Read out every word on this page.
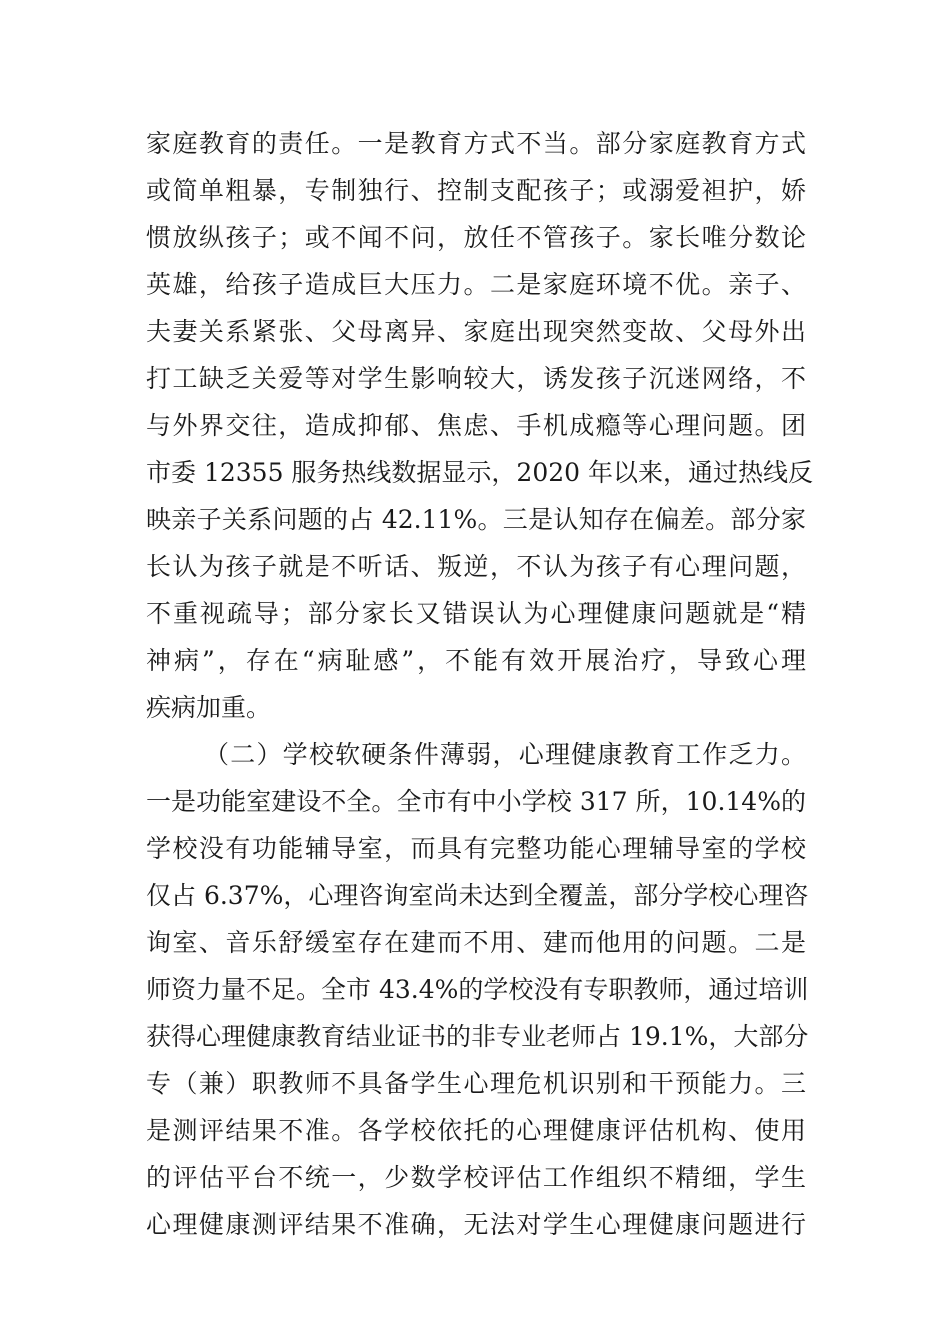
家庭教育的责任。一是教育方式不当。部分家庭教育方式
或简单粗暴，专制独行、控制支配孩子；或溺爱袒护，娇
惯放纵孩子；或不闻不问，放任不管孩子。家长唯分数论
英雄，给孩子造成巨大压力。二是家庭环境不优。亲子、
夫妻关系紧张、父母离异、家庭出现突然变故、父母外出
打工缺乏关爱等对学生影响较大，诱发孩子沉迷网络，不
与外界交往，造成抑郁、焦虑、手机成瘾等心理问题。团
市委 12355 服务热线数据显示，2020 年以来，通过热线反
映亲子关系问题的占 42.11%。三是认知存在偏差。部分家
长认为孩子就是不听话、叛逆，不认为孩子有心理问题，
不重视疏导；部分家长又错误认为心理健康问题就是“精
神病”，存在“病耻感”，不能有效开展治疗，导致心理
疾病加重。
（二）学校软硬条件薄弱，心理健康教育工作乏力。
一是功能室建设不全。全市有中小学校 317 所，10.14%的
学校没有功能辅导室，而具有完整功能心理辅导室的学校
仅占 6.37%，心理咨询室尚未达到全覆盖，部分学校心理咨
询室、音乐舒缓室存在建而不用、建而他用的问题。二是
师资力量不足。全市 43.4%的学校没有专职教师，通过培训
获得心理健康教育结业证书的非专业老师占 19.1%，大部分
专（兼）职教师不具备学生心理危机识别和干预能力。三
是测评结果不准。各学校依托的心理健康评估机构、使用
的评估平台不统一，少数学校评估工作组织不精细，学生
心理健康测评结果不准确，无法对学生心理健康问题进行
